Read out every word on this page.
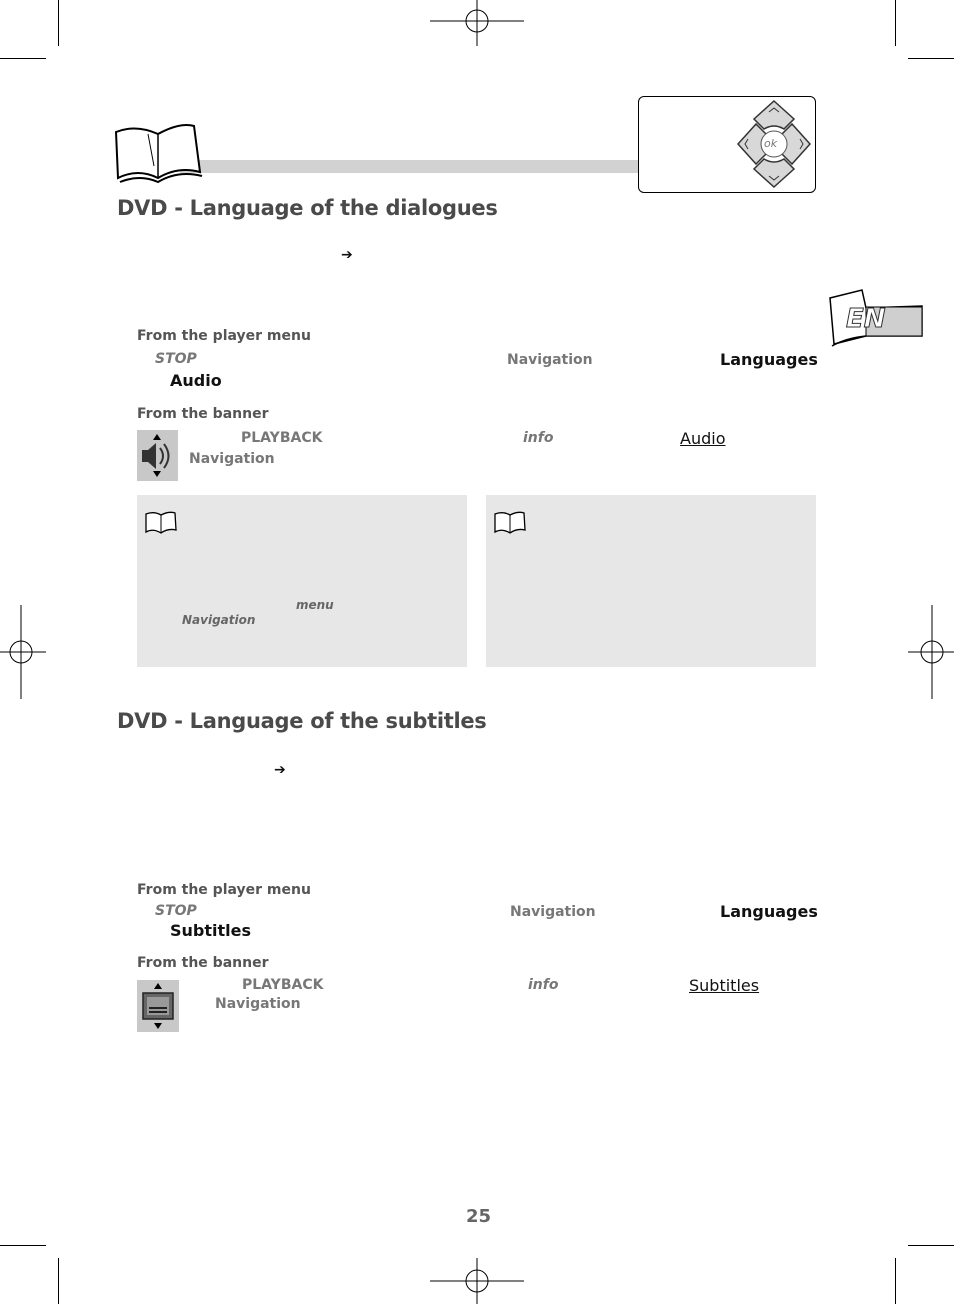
ok
EN
DVD - Language of the dialogues
➔
From the player menu
STOP	Navigation	Languages
Audio
From the banner
PLAYBACK	info	Audio
Navigation
menu
Navigation
DVD - Language of the subtitles
➔
From the player menu
STOP	Navigation	Languages
Subtitles
From the banner
PLAYBACK	info	Subtitles
Navigation
25
